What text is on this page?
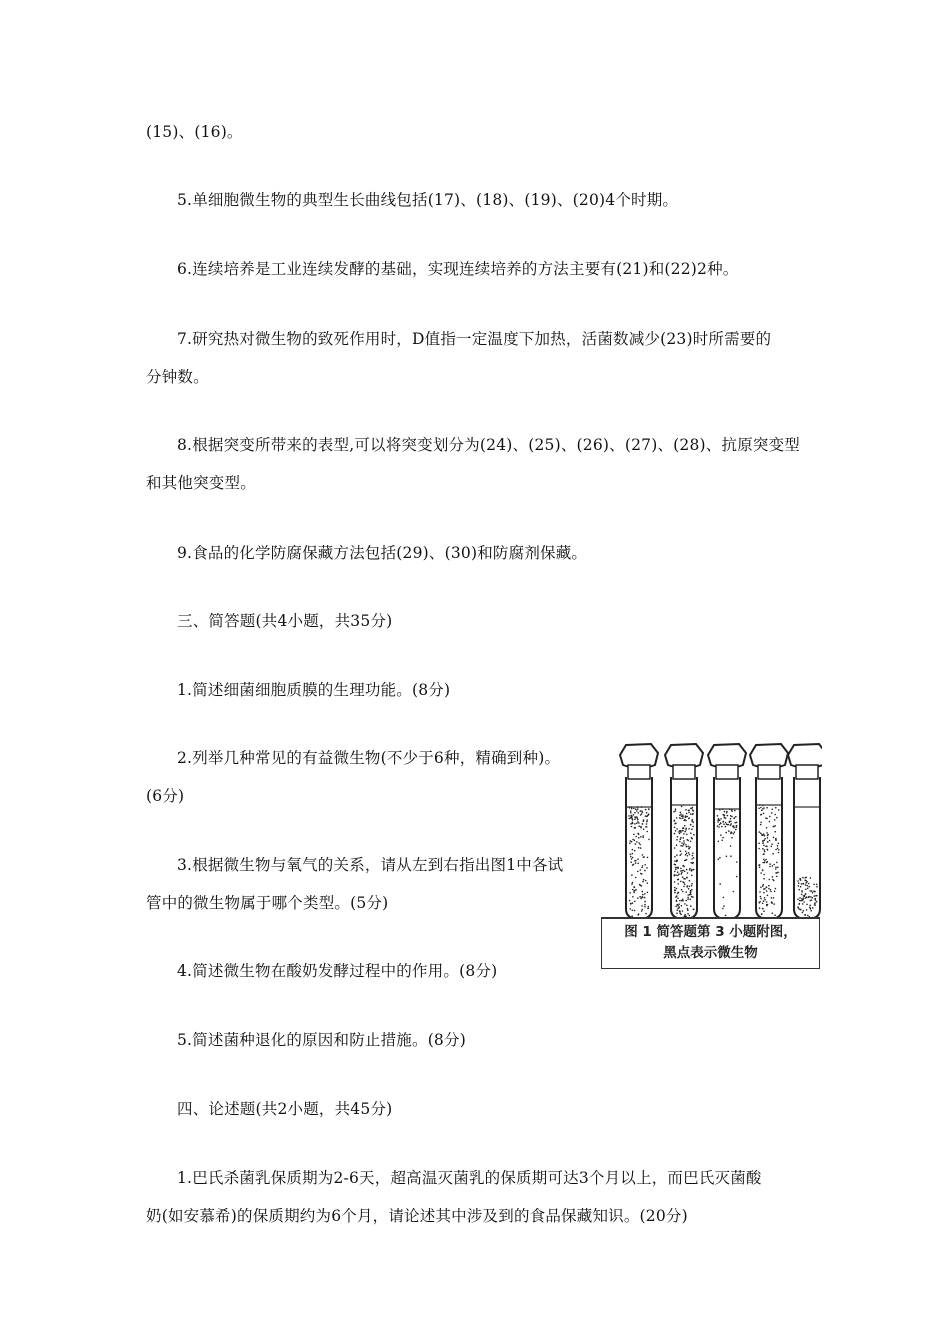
(15)、(16)。
5.单细胞微生物的典型生长曲线包括(17)、(18)、(19)、(20)4个时期。
6.连续培养是工业连续发酵的基础，实现连续培养的方法主要有(21)和(22)2种。
7.研究热对微生物的致死作用时，D值指一定温度下加热，活菌数减少(23)时所需要的
分钟数。
8.根据突变所带来的表型,可以将突变划分为(24)、(25)、(26)、(27)、(28)、抗原突变型
和其他突变型。
9.食品的化学防腐保藏方法包括(29)、(30)和防腐剂保藏。
三、简答题(共4小题，共35分)
1.简述细菌细胞质膜的生理功能。(8分)
2.列举几种常见的有益微生物(不少于6种，精确到种)。
(6分)
3.根据微生物与氧气的关系，请从左到右指出图1中各试
管中的微生物属于哪个类型。(5分)
4.简述微生物在酸奶发酵过程中的作用。(8分)
5.简述菌种退化的原因和防止措施。(8分)
四、论述题(共2小题，共45分)
1.巴氏杀菌乳保质期为2-6天，超高温灭菌乳的保质期可达3个月以上，而巴氏灭菌酸
奶(如安慕希)的保质期约为6个月，请论述其中涉及到的食品保藏知识。(20分)
图 1 简答题第 3 小题附图，
黑点表示微生物
